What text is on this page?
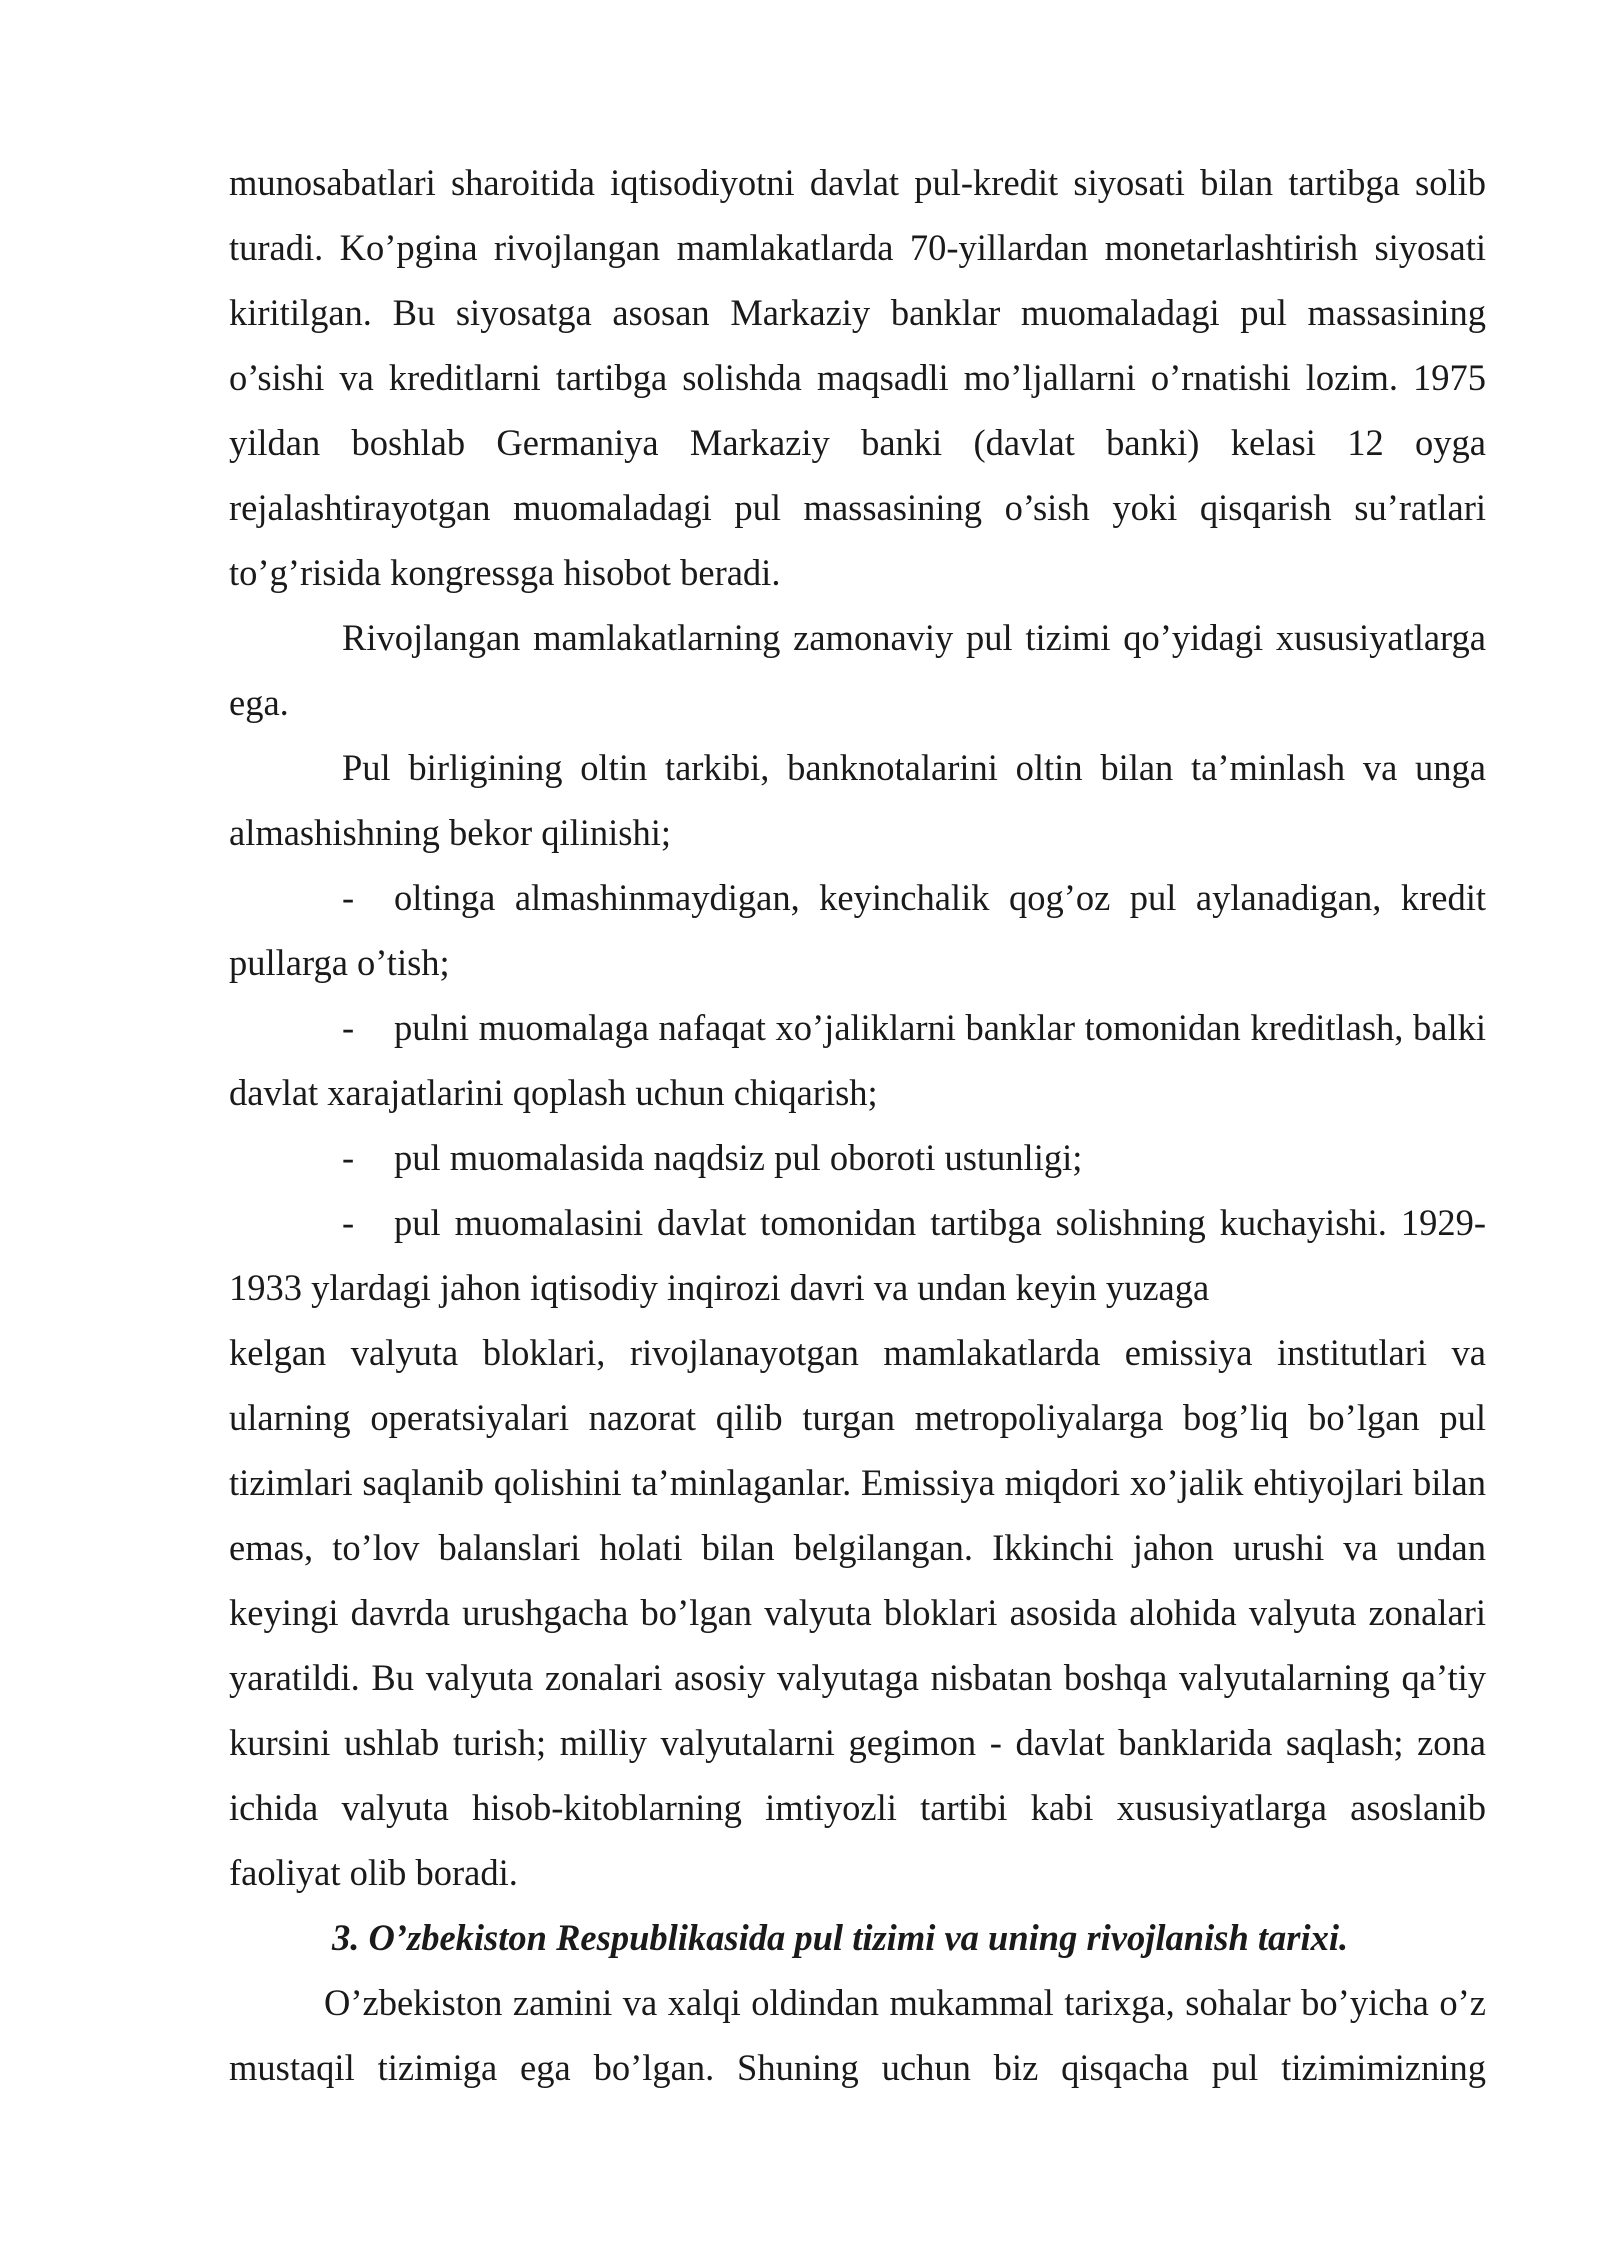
munosabatlari sharoitida iqtisodiyotni davlat pul-kredit siyosati bilan tartibga solib turadi. Ko’pgina rivojlangan mamlakatlarda 70-yillardan monetarlashtirish siyosati kiritilgan. Bu siyosatga asosan Markaziy banklar muomaladagi pul massasining o’sishi va kreditlarni tartibga solishda maqsadli mo’ljallarni o’rnatishi lozim. 1975 yildan boshlab Germaniya Markaziy banki (davlat banki) kelasi 12 oyga rejalashtirayotgan muomaladagi pul massasining o’sish yoki qisqarish su’ratlari to’g’risida kongressga hisobot beradi.

Rivojlangan mamlakatlarning zamonaviy pul tizimi qo’yidagi xususiyatlarga ega.

Pul birligining oltin tarkibi, banknotalarini oltin bilan ta’minlash va unga almashishning bekor qilinishi;

- oltinga almashinmaydigan, keyinchalik qog’oz pul aylanadigan, kredit pullarga o’tish;

- pulni muomalaga nafaqat xo’jaliklarni banklar tomonidan kreditlash, balki davlat xarajatlarini qoplash uchun chiqarish;

- pul muomalasida naqdsiz pul oboroti ustunligi;

- pul muomalasini davlat tomonidan tartibga solishning kuchayishi. 1929-

1933 ylardagi jahon iqtisodiy inqirozi davri va undan keyin yuzaga

kelgan valyuta bloklari, rivojlanayotgan mamlakatlarda emissiya institutlari va ularning operatsiyalari nazorat qilib turgan metropoliyalarga bog’liq bo’lgan pul tizimlari saqlanib qolishini ta’minlaganlar. Emissiya miqdori xo’jalik ehtiyojlari bilan emas, to’lov balanslari holati bilan belgilangan. Ikkinchi jahon urushi va undan keyingi davrda urushgacha bo’lgan valyuta bloklari asosida alohida valyuta zonalari yaratildi. Bu valyuta zonalari asosiy valyutaga nisbatan boshqa valyutalarning qa’tiy kursini ushlab turish; milliy valyutalarni gegimon - davlat banklarida saqlash; zona ichida valyuta hisob-kitoblarning imtiyozli tartibi kabi xususiyatlarga asoslanib faoliyat olib boradi.

3. O’zbekiston Respublikasida pul tizimi va uning rivojlanish tarixi.

O’zbekiston zamini va xalqi oldindan mukammal tarixga, sohalar bo’yicha o’z mustaqil tizimiga ega bo’lgan. Shuning uchun biz qisqacha pul tizimimizning
